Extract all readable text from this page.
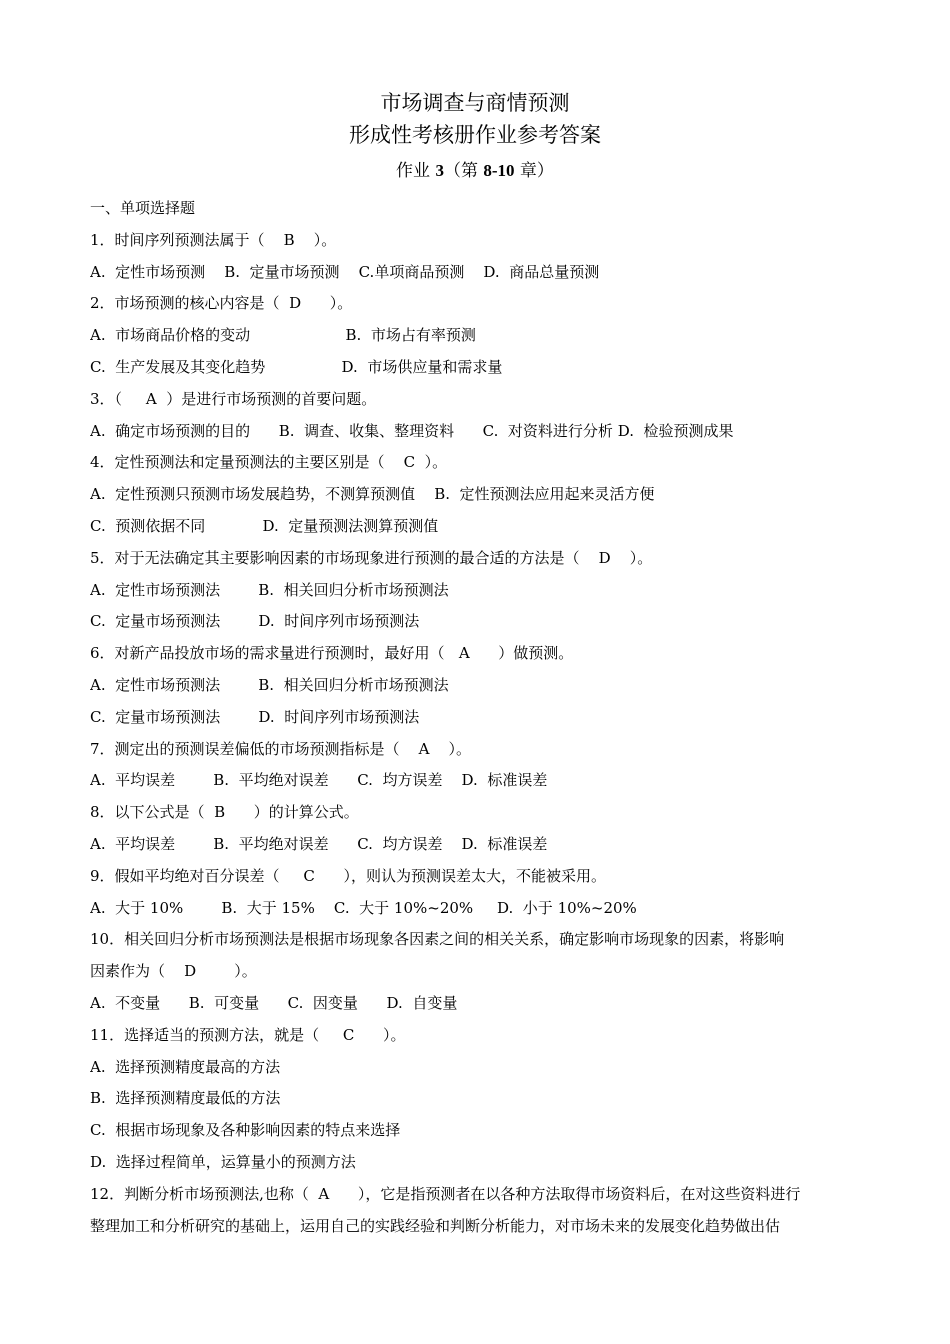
市场调查与商情预测
形成性考核册作业参考答案
作业 3（第 8-10 章）
一、单项选择题
1．时间序列预测法属于（    B    ）。
A.  定性市场预测    B.  定量市场预测    C.单项商品预测    D.  商品总量预测
2．市场预测的核心内容是（  D      ）。
A.  市场商品价格的变动                    B.  市场占有率预测
C.  生产发展及其变化趋势                D.  市场供应量和需求量
3．（     A  ）是进行市场预测的首要问题。
A.  确定市场预测的目的      B.  调查、收集、整理资料      C.  对资料进行分析 D.  检验预测成果
4．定性预测法和定量预测法的主要区别是（    C  ）。
A.  定性预测只预测市场发展趋势，不测算预测值    B.  定性预测法应用起来灵活方便
C.  预测依据不同            D.  定量预测法测算预测值
5．对于无法确定其主要影响因素的市场现象进行预测的最合适的方法是（    D    ）。
A.  定性市场预测法        B.  相关回归分析市场预测法
C.  定量市场预测法        D.  时间序列市场预测法
6．对新产品投放市场的需求量进行预测时，最好用（   A      ）做预测。
A.  定性市场预测法        B.  相关回归分析市场预测法
C.  定量市场预测法        D.  时间序列市场预测法
7．测定出的预测误差偏低的市场预测指标是（    A    ）。
A.  平均误差        B.  平均绝对误差      C.  均方误差    D.  标准误差
8．以下公式是（  B      ）的计算公式。
A.  平均误差        B.  平均绝对误差      C.  均方误差    D.  标准误差
9．假如平均绝对百分误差（     C      ），则认为预测误差太大，不能被采用。
A.  大于 10%        B.  大于 15%    C.  大于 10%~20%     D.  小于 10%~20%
10．相关回归分析市场预测法是根据市场现象各因素之间的相关关系，确定影响市场现象的因素，将影响
因素作为（    D        ）。
A.  不变量      B.  可变量      C.  因变量      D.  自变量
11．选择适当的预测方法，就是（     C      ）。
A.  选择预测精度最高的方法
B.  选择预测精度最低的方法
C.  根据市场现象及各种影响因素的特点来选择
D.  选择过程简单，运算量小的预测方法
12．判断分析市场预测法,也称（  A      ），它是指预测者在以各种方法取得市场资料后，在对这些资料进行
整理加工和分析研究的基础上，运用自己的实践经验和判断分析能力，对市场未来的发展变化趋势做出估
